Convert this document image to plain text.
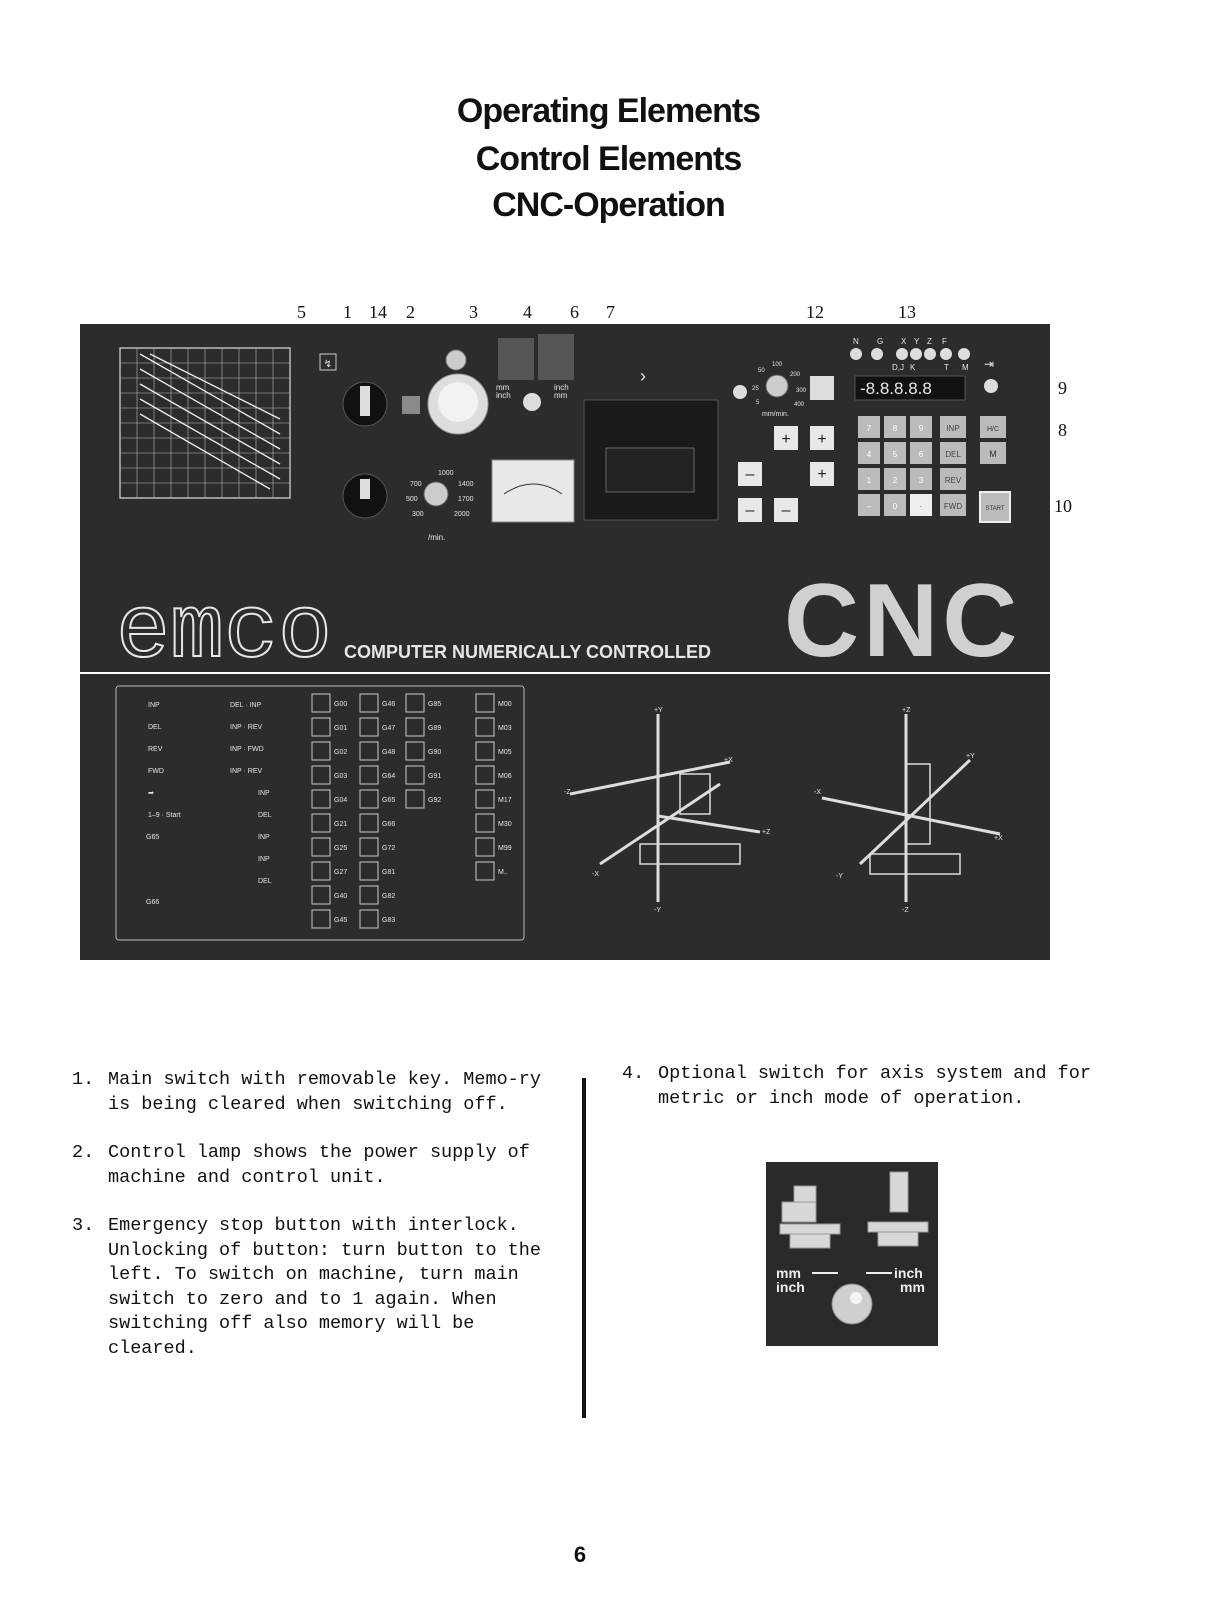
Operating Elements
Control Elements
CNC-Operation
5 1 14 2	3	4 6 7	12	13
9
8
10
↯
1000
1400
700
1700
500
2000
300
/min.
mm
inch
inch
mm
›
100
50
200
25	300
5	400
mm/min.
+ +
–	+
– –
N G X Y Z F
D,J K	T M
-8.8.8.8.8
⇥
7	8	9	INP
4	5	6	DEL
1	2	3	REV
–	0	·	FWD
H/C
M
START
emco COMPUTER NUMERICALLY CONTROLLED CNC
INP
DEL
REV
FWD
➡
1–9 · Start
G65
G66
DEL · INP
INP · REV
INP · FWD
INP · REV
INP
DEL
INP
INP
DEL
G00
G01
G02
G03
G04
G21
G25
G27
G40
G45
G46
G47
G48
G64
G65
G66
G72
G81
G82
G83
G85
G89
G90
G91
G92
M00
M03
M05
M06
M17
M30
M99
M..
+Y
+X
-Z
+Z
-X
-Y
+Z
+Y
-X
+X
-Y
-Z
1. Main switch with removable key. Memo-ry is being cleared when switching off.
2. Control lamp shows the power supply of machine and control unit.
3. Emergency stop button with interlock. Unlocking of button: turn button to the left. To switch on machine, turn main switch to zero and to 1 again. When switching off also memory will be cleared.
4. Optional switch for axis system and for metric or inch mode of operation.
mm
inch
inch
mm
6
